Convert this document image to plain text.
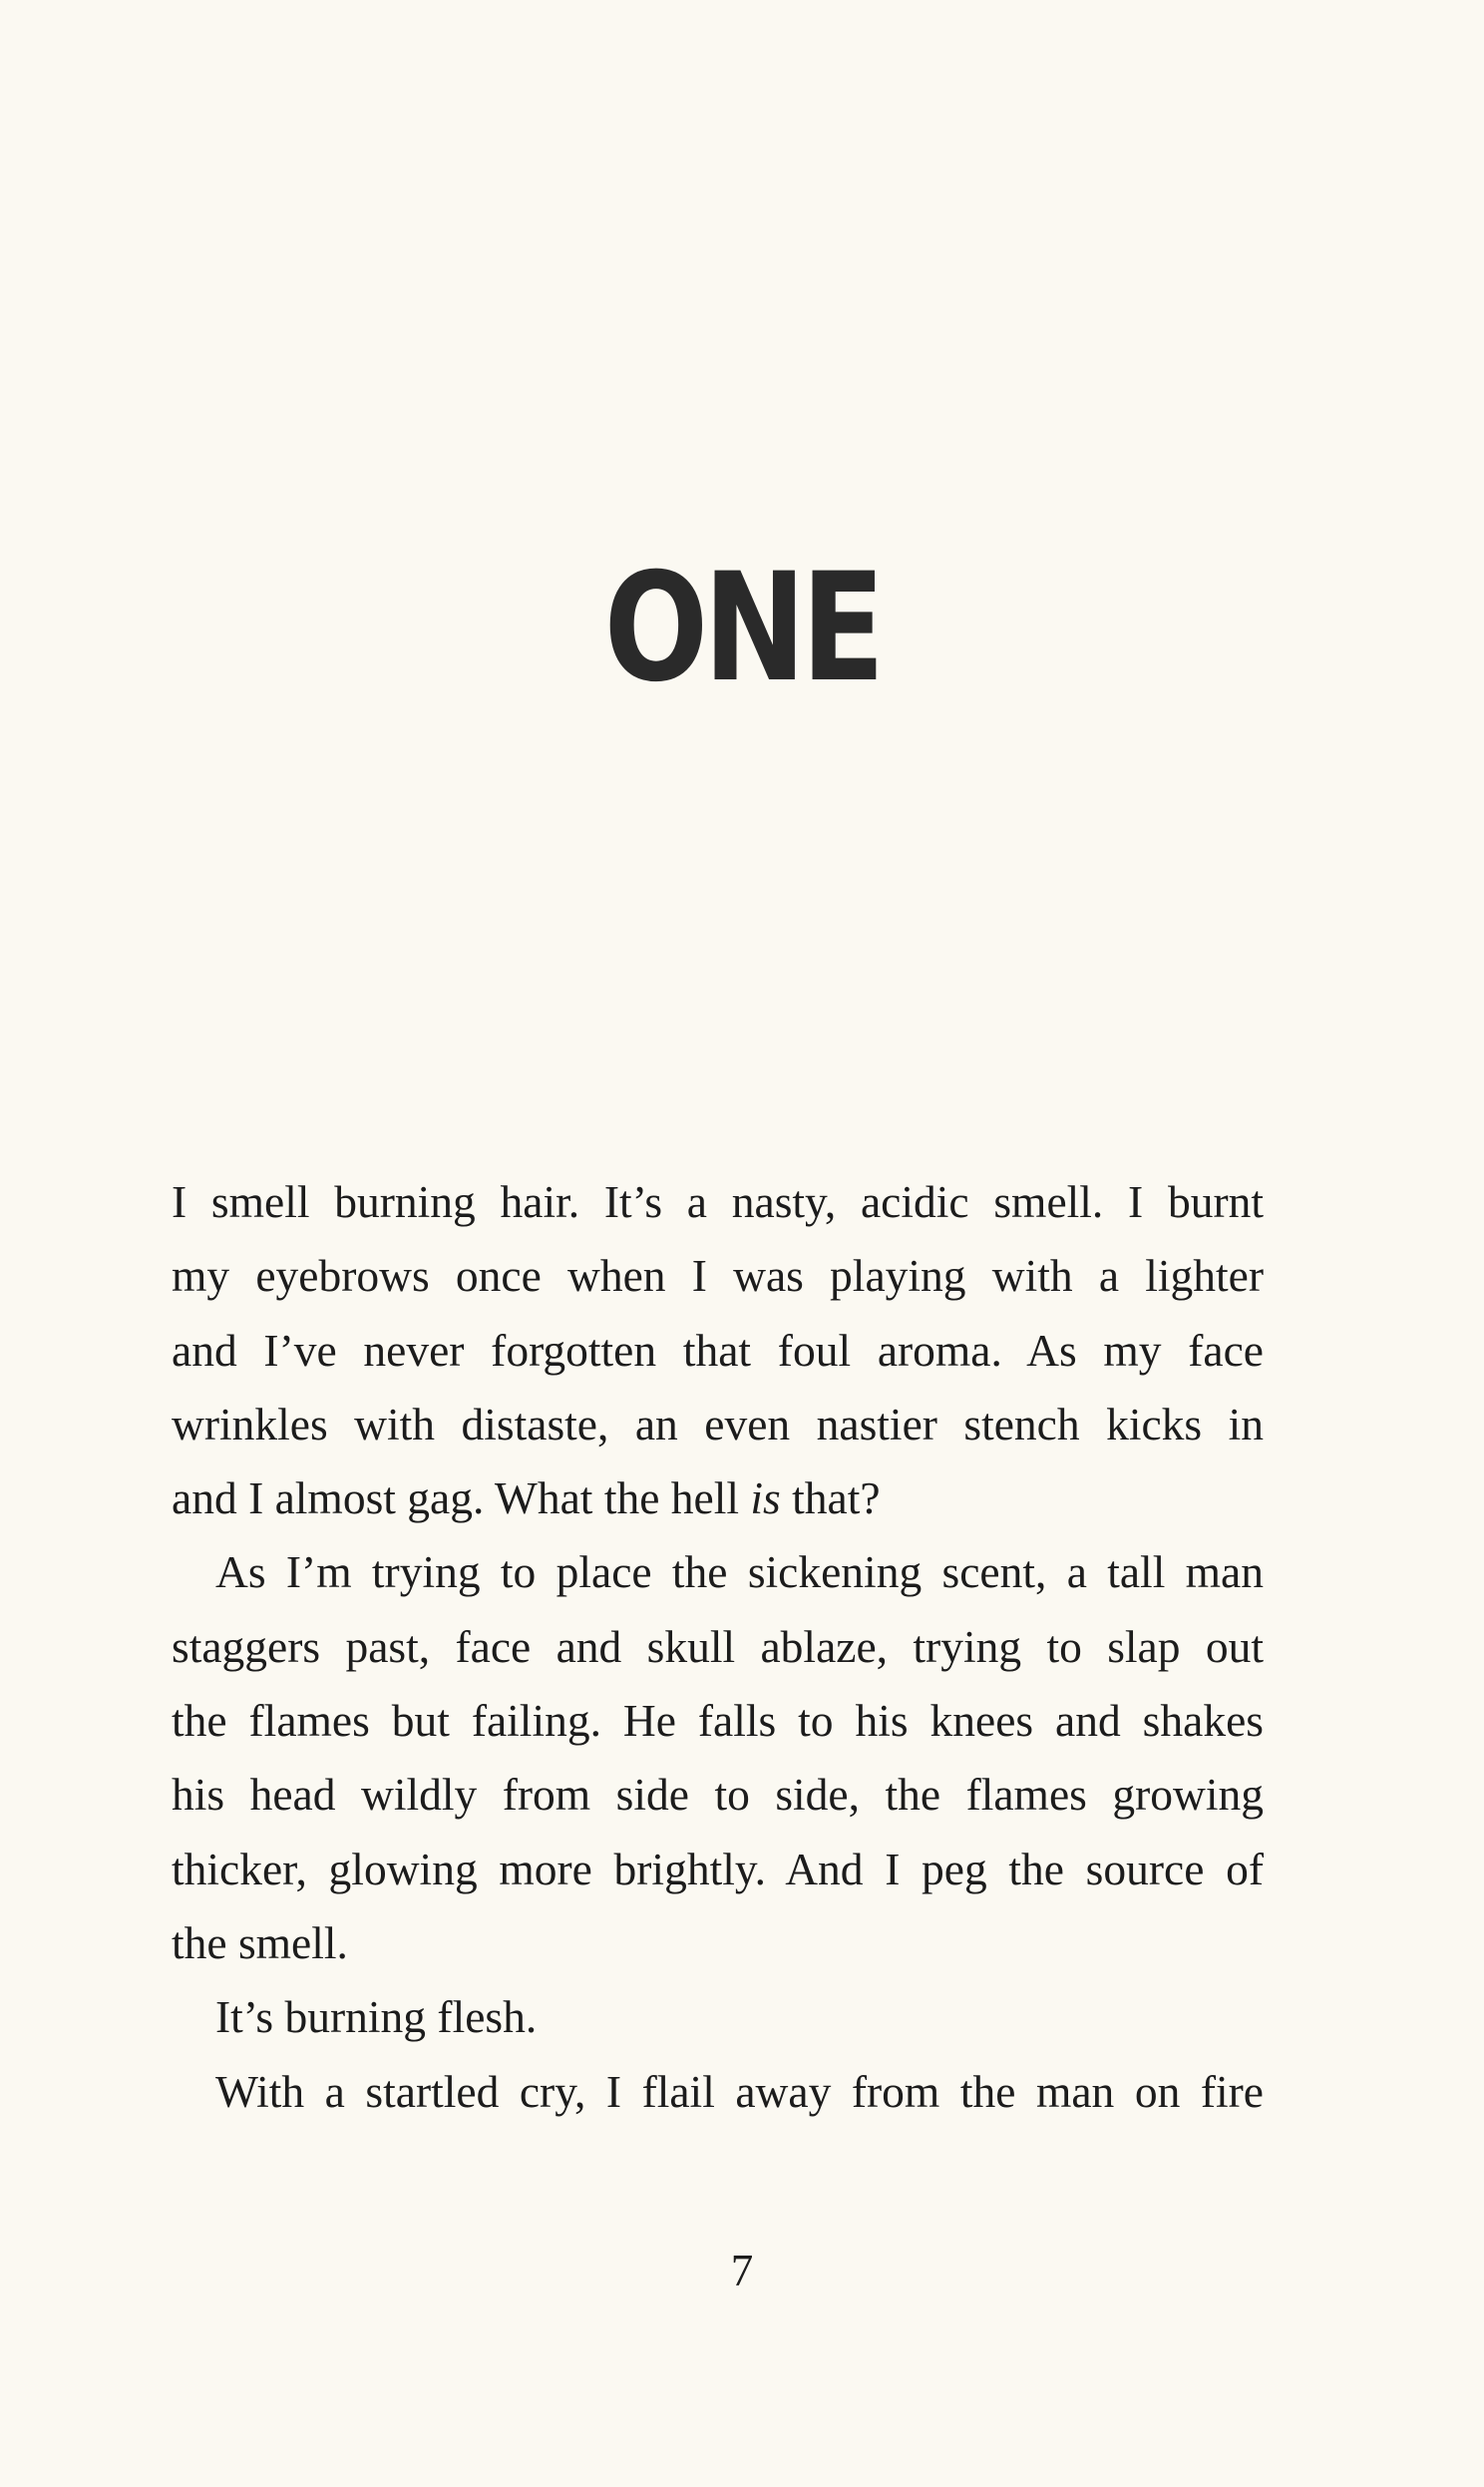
ONE
I smell burning hair. It’s a nasty, acidic smell. I burnt
my eyebrows once when I was playing with a lighter
and I’ve never forgotten that foul aroma. As my face
wrinkles with distaste, an even nastier stench kicks in
and I almost gag. What the hell is that?
As I’m trying to place the sickening scent, a tall man
staggers past, face and skull ablaze, trying to slap out
the flames but failing. He falls to his knees and shakes
his head wildly from side to side, the flames growing
thicker, glowing more brightly. And I peg the source of
the smell.
It’s burning flesh.
With a startled cry, I flail away from the man on fire
7
